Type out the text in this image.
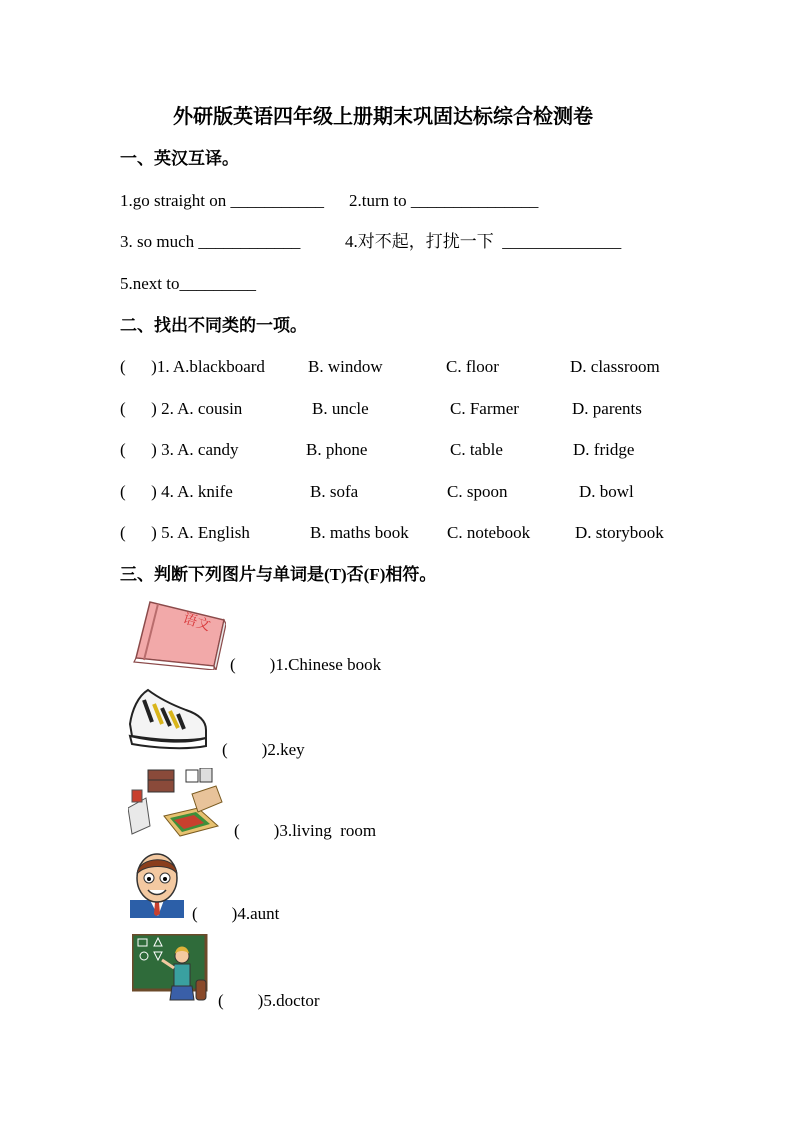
外研版英语四年级上册期末巩固达标综合检测卷
一、英汉互译。
1.go straight on ___________ 2.turn to _______________
3. so much ____________	4.对不起，打扰一下  ______________
5.next to_________
二、找出不同类的一项。
(      )1. A.blackboard	B. window	C. floor	D. classroom
(      ) 2. A. cousin	B. uncle	C. Farmer	D. parents
(      ) 3. A. candy	B. phone	C. table	D. fridge
(      ) 4. A. knife	B. sofa	C. spoon	D. bowl
(      ) 5. A. English	B. maths book C. notebook	D. storybook
三、判断下列图片与单词是(T)否(F)相符。
语文
(        )1.Chinese book
(        )2.key
(        )3.living  room
(        )4.aunt
(        )5.doctor
